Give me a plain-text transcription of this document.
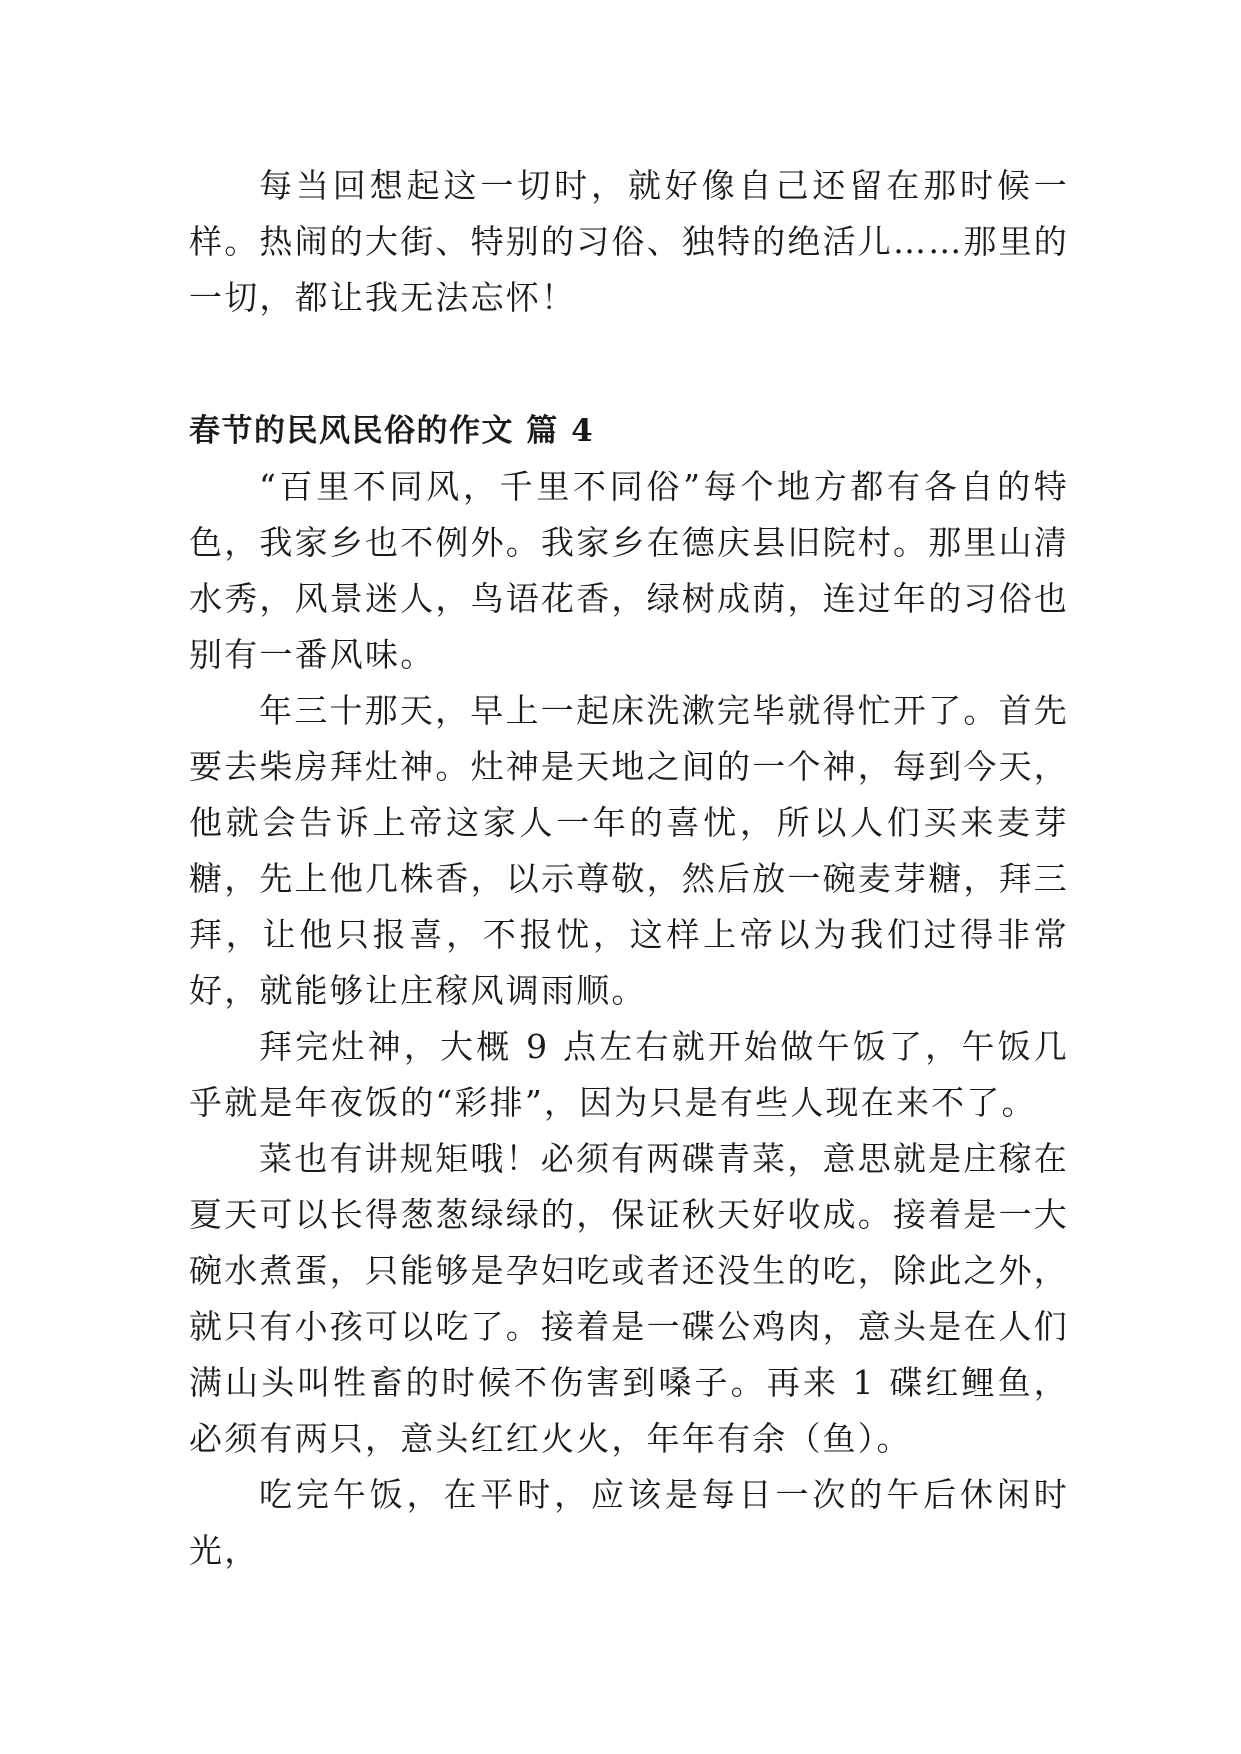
每当回想起这一切时，就好像自己还留在那时候一样。热闹的大街、特别的习俗、独特的绝活儿……那里的一切，都让我无法忘怀！

春节的民风民俗的作文 篇 4

“百里不同风，千里不同俗”每个地方都有各自的特色，我家乡也不例外。我家乡在德庆县旧院村。那里山清水秀，风景迷人，鸟语花香，绿树成荫，连过年的习俗也别有一番风味。

年三十那天，早上一起床洗漱完毕就得忙开了。首先要去柴房拜灶神。灶神是天地之间的一个神，每到今天，他就会告诉上帝这家人一年的喜忧，所以人们买来麦芽糖，先上他几株香，以示尊敬，然后放一碗麦芽糖，拜三拜，让他只报喜，不报忧，这样上帝以为我们过得非常好，就能够让庄稼风调雨顺。

拜完灶神，大概 9 点左右就开始做午饭了，午饭几乎就是年夜饭的“彩排”，因为只是有些人现在来不了。

菜也有讲规矩哦！必须有两碟青菜，意思就是庄稼在夏天可以长得葱葱绿绿的，保证秋天好收成。接着是一大碗水煮蛋，只能够是孕妇吃或者还没生的吃，除此之外，就只有小孩可以吃了。接着是一碟公鸡肉，意头是在人们满山头叫牲畜的时候不伤害到嗓子。再来 1 碟红鲤鱼，必须有两只，意头红红火火，年年有余（鱼）。

吃完午饭，在平时，应该是每日一次的午后休闲时光，
